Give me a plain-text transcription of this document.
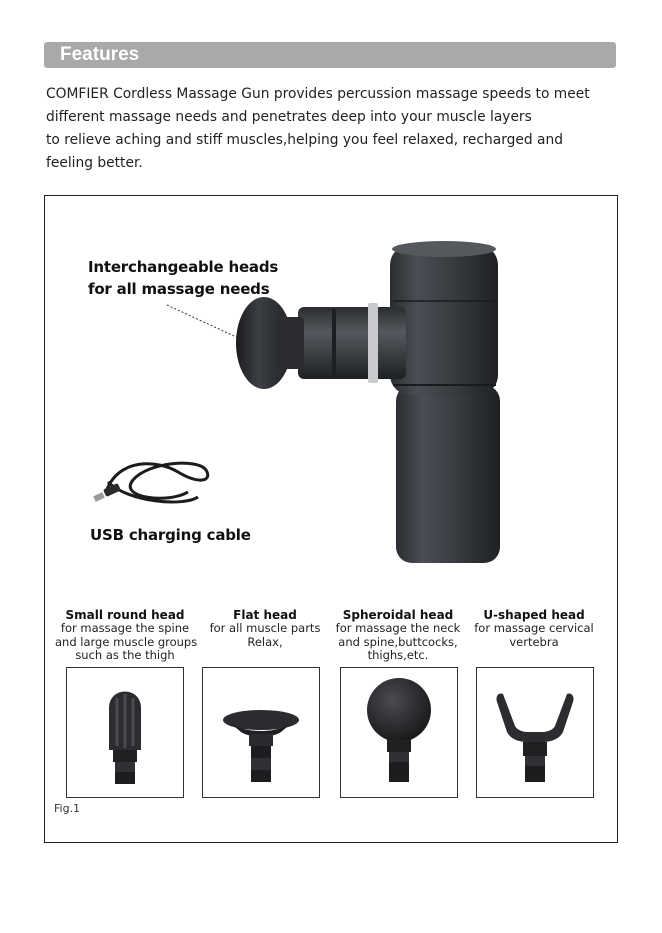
Features

COMFIER Cordless Massage Gun provides percussion massage speeds to meet
different massage needs and penetrates deep into your muscle layers
to relieve aching and stiff muscles,helping you feel relaxed, recharged and
feeling better.

Interchangeable heads
for all massage needs
USB charging cable
Small round head
for massage the spine
and large muscle groups
such as the thigh
Flat head
for all muscle parts
Relax,
Spheroidal head
for massage the neck
and spine,buttcocks,
thighs,etc.
U-shaped head
for massage cervical
vertebra
Fig.1
